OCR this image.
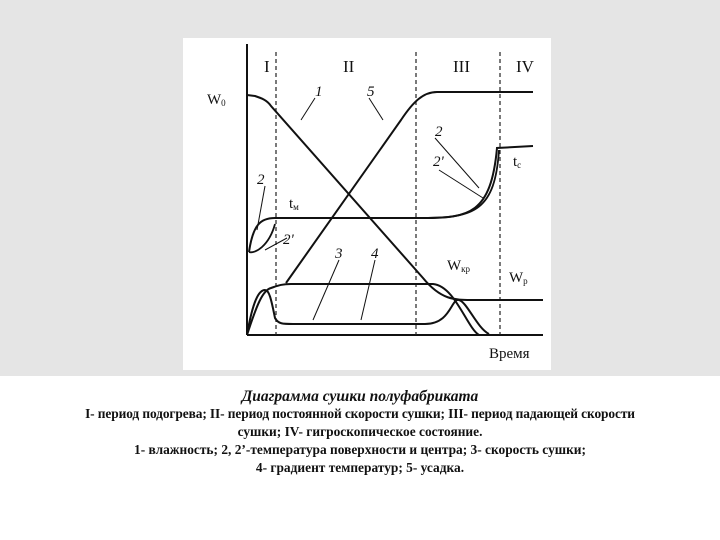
I	II	III	IV
W0
1	5
2
2'	tc
2
tм
2'
3 4
Wкр
Wр
Время
Диаграмма сушки полуфабриката
I- период подогрева; II- период постоянной скорости сушки; III- период падающей скорости
сушки; IV- гигроскопическое состояние.
1- влажность; 2, 2’-температура поверхности и центра; 3- скорость сушки;
4- градиент температур; 5- усадка.
